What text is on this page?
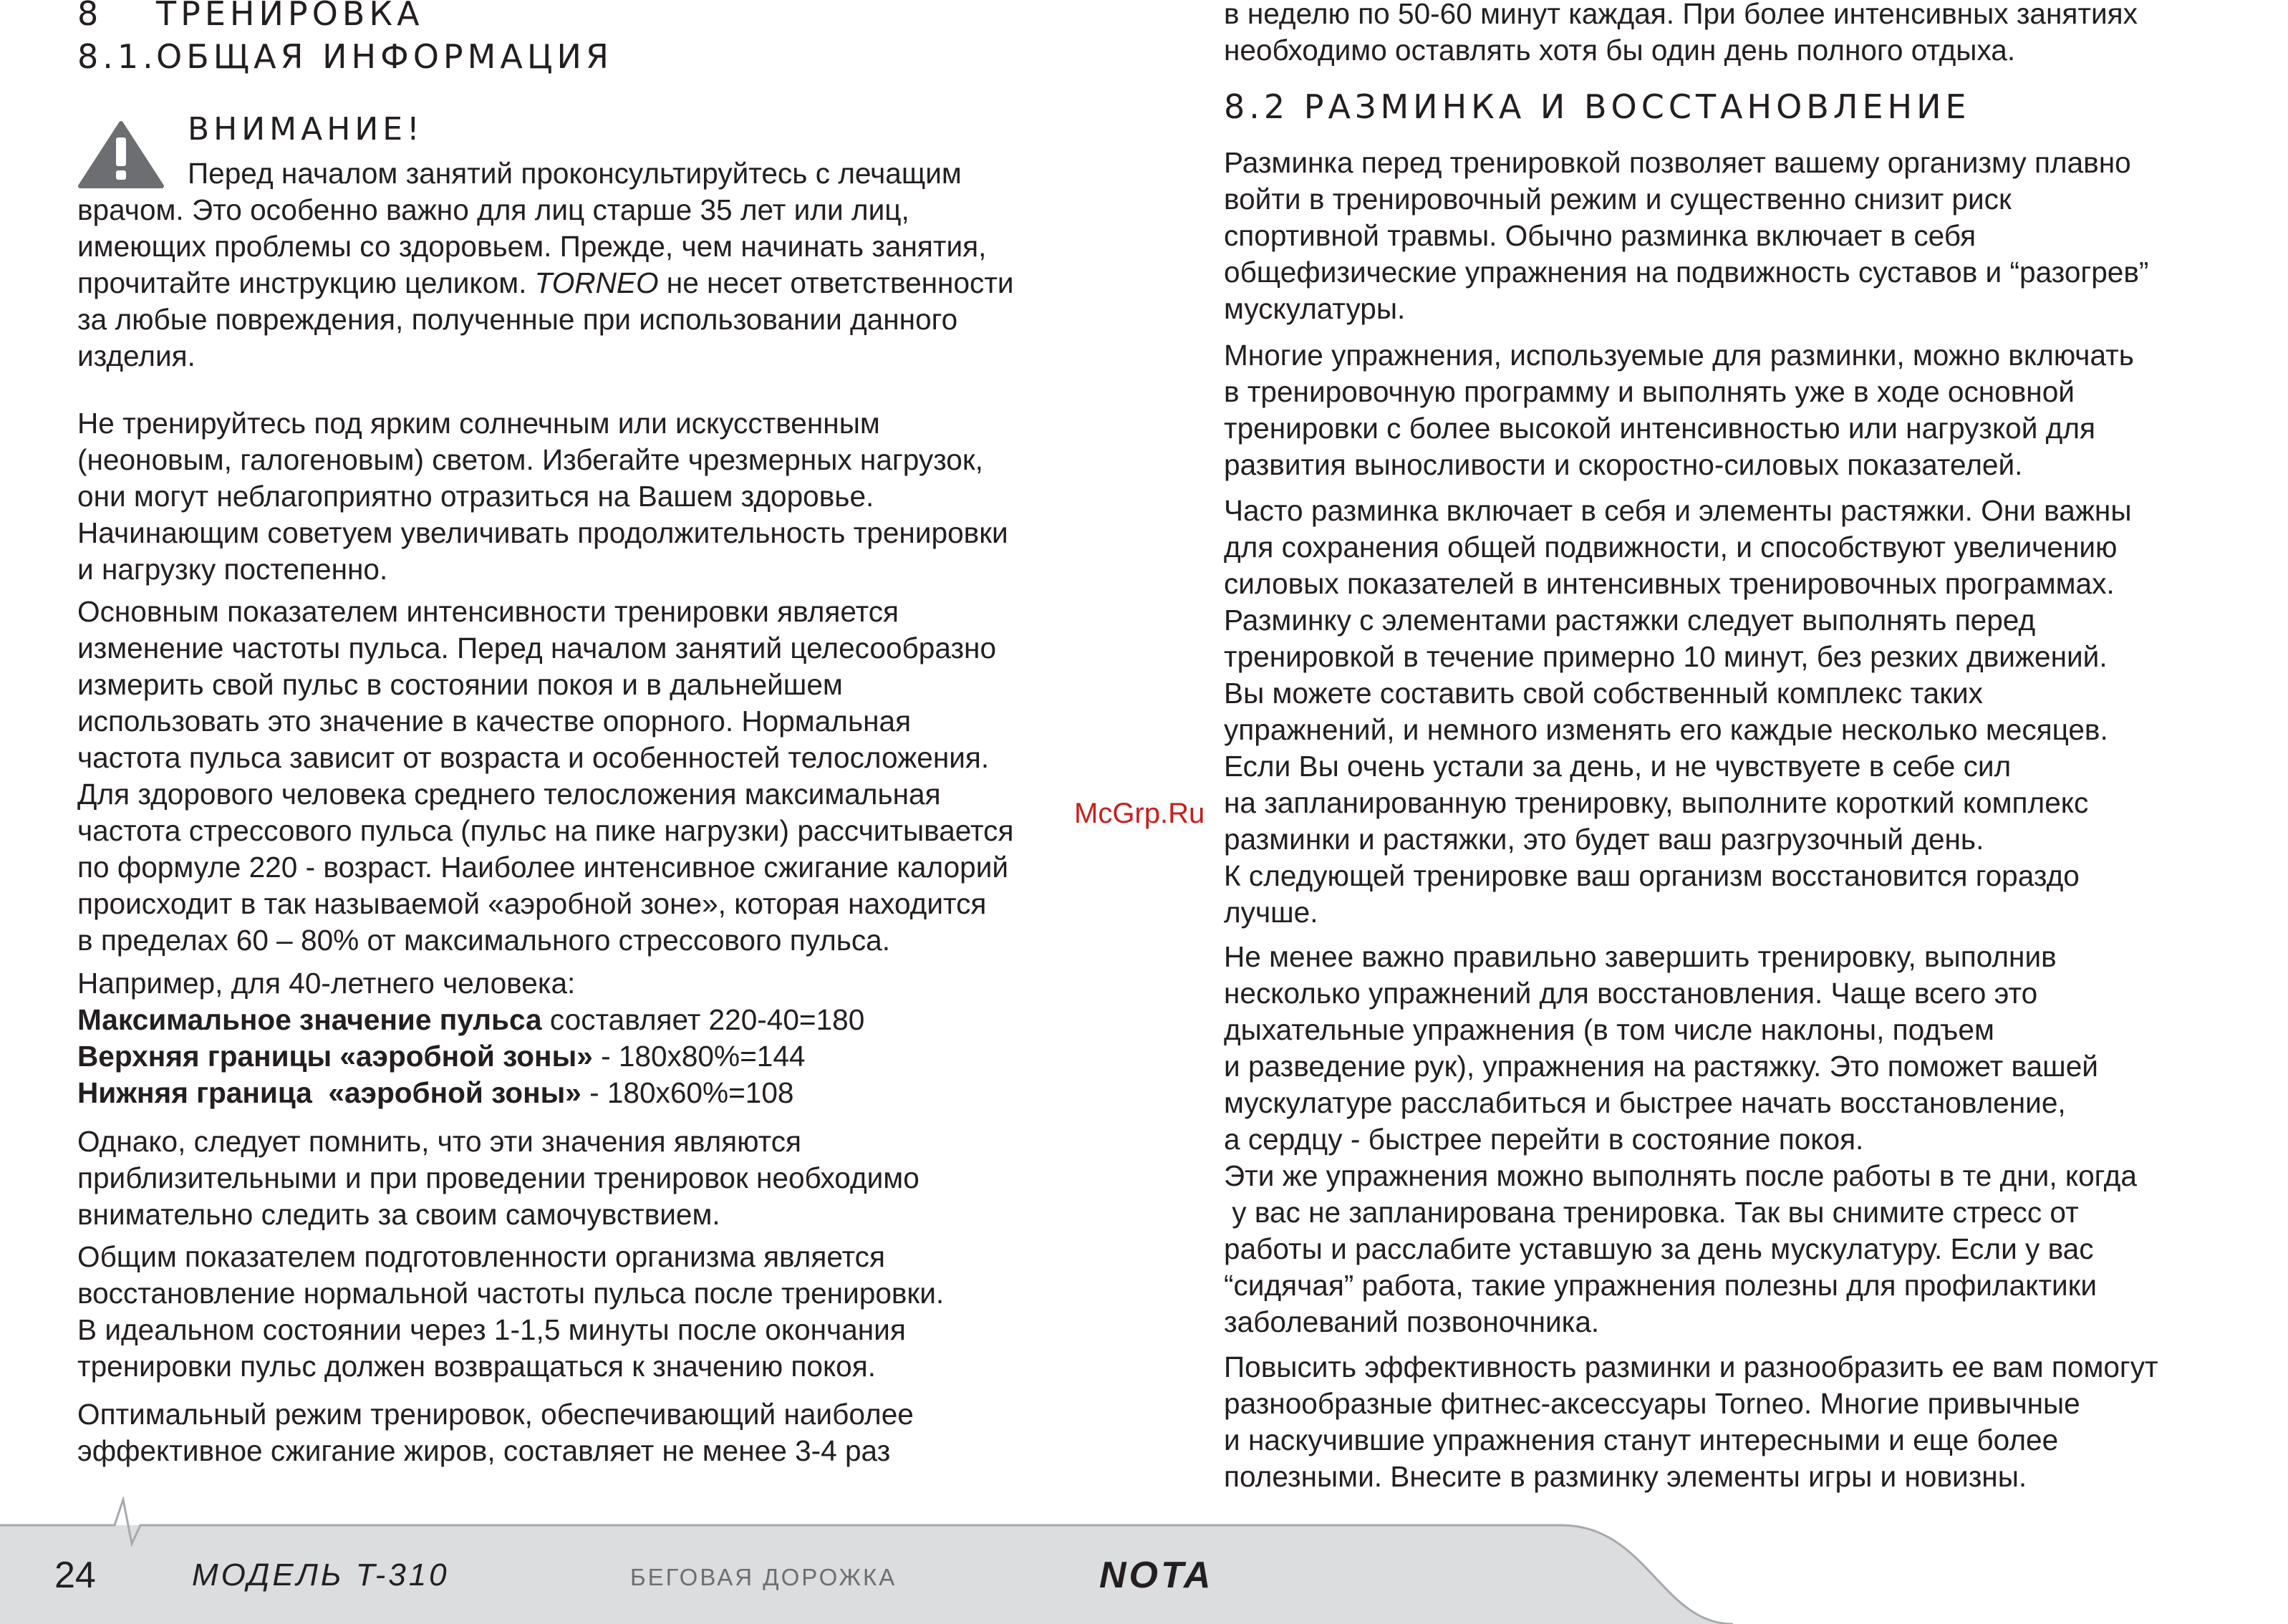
8 ТРЕНИРОВКА
8.1.
ОБЩАЯ ИНФОРМАЦИЯ
ВНИМАНИЕ!

Перед началом занятий проконсультируйтесь с лечащим
врачом. Это особенно важно для лиц старше 35 лет или лиц,
имеющих проблемы со здоровьем. Прежде, чем начинать занятия,
прочитайте инструкцию целиком. TORNEO не несет ответственности
за любые повреждения, полученные при использовании данного
изделия.

Не тренируйтесь под ярким солнечным или искусственным
(неоновым, галогеновым) светом. Избегайте чрезмерных нагрузок,
они могут неблагоприятно отразиться на Вашем здоровье.
Начинающим советуем увеличивать продолжительность тренировки
и нагрузку постепенно.

Основным показателем интенсивности тренировки является
изменение частоты пульса. Перед началом занятий целесообразно
измерить свой пульс в состоянии покоя и в дальнейшем
использовать это значение в качестве опорного. Нормальная
частота пульса зависит от возраста и особенностей телосложения.
Для здорового человека среднего телосложения максимальная
частота стрессового пульса (пульс на пике нагрузки) рассчитывается
по формуле 220 - возраст. Наиболее интенсивное сжигание калорий
происходит в так называемой «аэробной зоне», которая находится
в пределах 60 – 80% от максимального стрессового пульса.

Например, для 40-летнего человека:

Максимальное значение пульса составляет 220-40=180

Верхняя границы «аэробной зоны» - 180х80%=144

Нижняя граница  «аэробной зоны» - 180х60%=108

Однако, следует помнить, что эти значения являются
приблизительными и при проведении тренировок необходимо
внимательно следить за своим самочувствием.

Общим показателем подготовленности организма является
восстановление нормальной частоты пульса после тренировки.
В идеальном состоянии через 1-1,5 минуты после окончания
тренировки пульс должен возвращаться к значению покоя.

Оптимальный режим тренировок, обеспечивающий наиболее
эффективное сжигание жиров, составляет не менее 3-4 раз

в неделю по 50-60 минут каждая. При более интенсивных занятиях
необходимо оставлять хотя бы один день полного отдыха.

8.2 РАЗМИНКА И ВОССТАНОВЛЕНИЕ

Разминка перед тренировкой позволяет вашему организму плавно
войти в тренировочный режим и существенно снизит риск
спортивной травмы. Обычно разминка включает в себя
общефизические упражнения на подвижность суставов и “разогрев”
мускулатуры.

Многие упражнения, используемые для разминки, можно включать
в тренировочную программу и выполнять уже в ходе основной
тренировки с более высокой интенсивностью или нагрузкой для
развития выносливости и скоростно-силовых показателей.

Часто разминка включает в себя и элементы растяжки. Они важны
для сохранения общей подвижности, и способствуют увеличению
силовых показателей в интенсивных тренировочных программах.
Разминку с элементами растяжки следует выполнять перед
тренировкой в течение примерно 10 минут, без резких движений.
Вы можете составить свой собственный комплекс таких
упражнений, и немного изменять его каждые несколько месяцев.
Если Вы очень устали за день, и не чувствуете в себе сил
на запланированную тренировку, выполните короткий комплекс
разминки и растяжки, это будет ваш разгрузочный день.
К следующей тренировке ваш организм восстановится гораздо
лучше.

Не менее важно правильно завершить тренировку, выполнив
несколько упражнений для восстановления. Чаще всего это
дыхательные упражнения (в том числе наклоны, подъем
и разведение рук), упражнения на растяжку. Это поможет вашей
мускулатуре расслабиться и быстрее начать восстановление,
а сердцу - быстрее перейти в состояние покоя.
Эти же упражнения можно выполнять после работы в те дни, когда
у вас не запланирована тренировка. Так вы снимите стресс от
работы и расслабите уставшую за день мускулатуру. Если у вас
“сидячая” работа, такие упражнения полезны для профилактики
заболеваний позвоночника.

Повысить эффективность разминки и разнообразить ее вам помогут
разнообразные фитнес-аксессуары Torneo. Многие привычные
и наскучившие упражнения станут интересными и еще более
полезными. Внесите в разминку элементы игры и новизны.

McGrp.Ru
24	МОДЕЛЬ T-310	БЕГОВАЯ ДОРОЖКА	NOTA
